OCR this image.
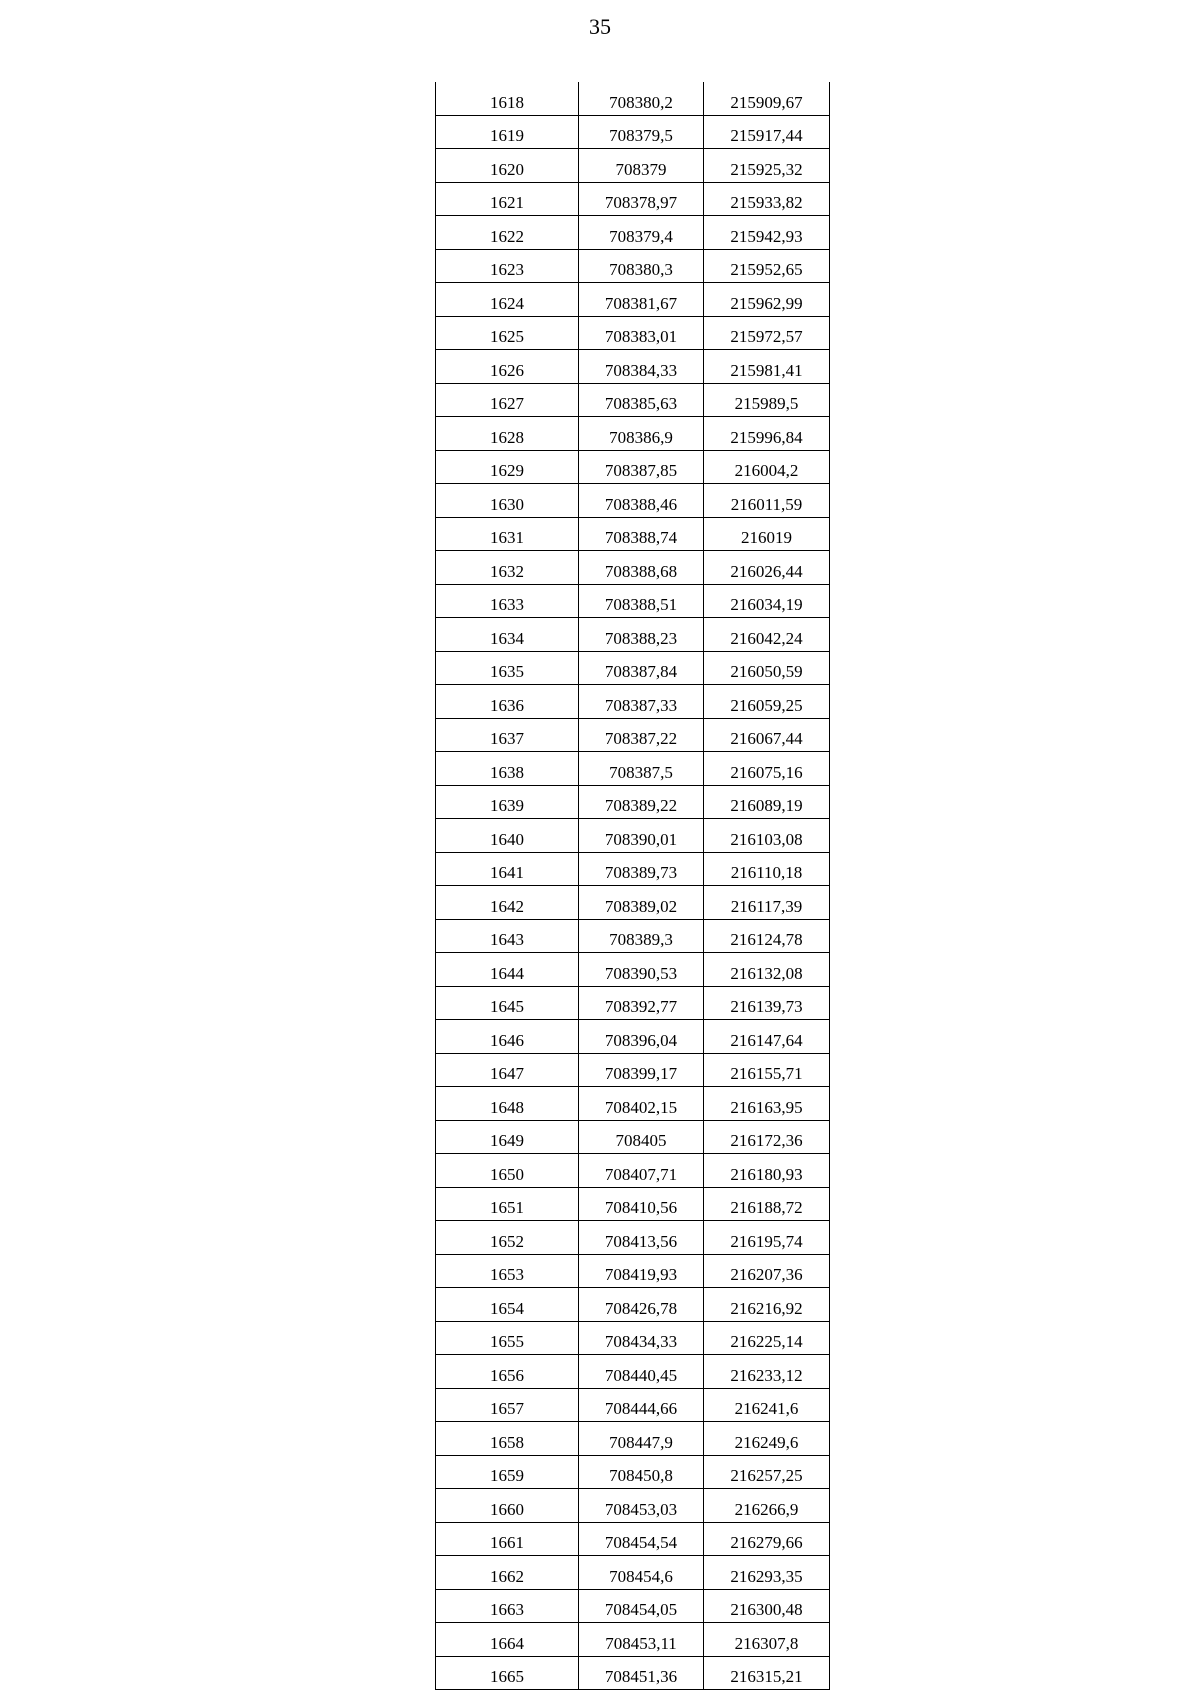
35
1618	708380,2	215909,67
1619	708379,5	215917,44
1620	708379	215925,32
1621	708378,97	215933,82
1622	708379,4	215942,93
1623	708380,3	215952,65
1624	708381,67	215962,99
1625	708383,01	215972,57
1626	708384,33	215981,41
1627	708385,63	215989,5
1628	708386,9	215996,84
1629	708387,85	216004,2
1630	708388,46	216011,59
1631	708388,74	216019
1632	708388,68	216026,44
1633	708388,51	216034,19
1634	708388,23	216042,24
1635	708387,84	216050,59
1636	708387,33	216059,25
1637	708387,22	216067,44
1638	708387,5	216075,16
1639	708389,22	216089,19
1640	708390,01	216103,08
1641	708389,73	216110,18
1642	708389,02	216117,39
1643	708389,3	216124,78
1644	708390,53	216132,08
1645	708392,77	216139,73
1646	708396,04	216147,64
1647	708399,17	216155,71
1648	708402,15	216163,95
1649	708405	216172,36
1650	708407,71	216180,93
1651	708410,56	216188,72
1652	708413,56	216195,74
1653	708419,93	216207,36
1654	708426,78	216216,92
1655	708434,33	216225,14
1656	708440,45	216233,12
1657	708444,66	216241,6
1658	708447,9	216249,6
1659	708450,8	216257,25
1660	708453,03	216266,9
1661	708454,54	216279,66
1662	708454,6	216293,35
1663	708454,05	216300,48
1664	708453,11	216307,8
1665	708451,36	216315,21
